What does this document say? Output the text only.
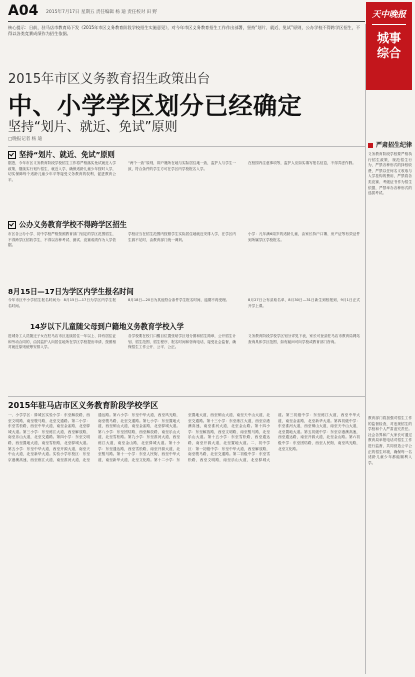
A04 2015年7月17日 星期五 责任编辑 杨 迪 责任校对 田 野	天中晚报
城事
综合
核心提示：日前，驻马店市教育局下发《2015年市区义务教育阶段学校招生实施意见》，对今年市区义务教育招生工作作出部署，坚持“划片、就近、免试”原则，公办学校不得跨学区招生，不得以各类竞赛成绩作为招生依据。
2015年市区义务教育招生政策出台
中、小学学区划分已经确定
坚持“划片、就近、免试”原则
□晚报记者 杨 迪
坚持“划片、就近、免试”原则
据悉，今年市区义务教育阶段学校招生工作将严格落实免试就近入学政策，继续实行划片招生、就近入学，确保适龄儿童少年按时入学，切实保障每个适龄儿童少年平等接受义务教育的权利，促进教育公平。
“两个一致”原则，即户籍所在地与实际居住地一致，监护人与学生一致，符合条件的学生方可在学区内学校报名入学。
在校园内注意事项等，监护人应如实填写报名信息，不得弄虚作假。
公办义务教育学校不得跨学区招生
市区各公办小学、初中学校严格按照教育部门划定的学区范围招生，不得跨学区招收学生，不得以各种考试、测试、竞赛成绩作为入学依据。
学校应当在招生范围内按照学生实际居住地就近安排入学，在学区内生源不足时，由教育部门统一调剂。
小学：凡年满6周岁的适龄儿童，由家长持户口簿、房产证等有效证件到所属学区学校报名。
8月15日—17日为学区内学生报名时间
今年市区中小学招生报名时间为：8月15日—17日为学区内学生报名时间。
8月18日—20日为其他符合条件学生报名时间，逾期不再受理。	8月27日公布录取名单，8月30日—31日新生到校报到，9月1日正式开学上课。
14岁以下儿童随父母到户籍地义务教育学校入学
进城务工人员随迁子女在驻马店市区连续居住一年以上、持有居住证和劳动合同的，由其监护人向居住地所在学区学校提出申请，按照相对就近原则统筹安排入学。
各学校要在校门口醒目位置张贴学区划分图和招生简章，公开招生计划、招生范围、招生程序、报名时间和咨询电话，接受社会监督，确保招生工作公开、公平、公正。
义务教育阶段学校学区划分详见下表，家长可登录驻马店市教育局网站查询具体学区范围，如有疑问可向学校或教育部门咨询。
2015年驻马店市区义务教育阶段学校学区
一、小学学区：驿城区实验小学：东至解放路，西至文明路，南至骏马路，北至交通路。第二小学：东至雪松路，西至中华大道，南至金雀路，北至驿城大道。第三小学：东至练江大道，西至解放路，南至乐山大道，北至交通路。第四小学：东至文明路，西至置地大道，南至雪松路，北至驿城大道。第五小学：东至中华大道，西至开源大道，南至天中山大道，北至新华大道。实验小学东校区：东至京港澳高速，西至练江大道，南至淮河大道，北至通达路。第六小学：东至中华大道，西至风光路，南至骏马路，北至交通路。第七小学：东至置地大道，西至铜山大道，南至金雀路，北至驿城大道。第八小学：东至团结路，西至解放路，南至乐山大道，北至雪松路。第九小学：东至淮河大道，西至练江大道，南至金山路，北至驿城大道。第十小学：东至通达路，西至雪松路，南至开源大道，北至骏马路。第十一小学：东至人民街，西至中华大道，南至新华大道，北至文化路。第十二小学：东至置地大道，西至铜山大道，南至天中山大道，北至交通路。第十三小学：东至练江大道，西至京港澳高速，南至淮河大道，北至金山路。第十四小学：东至解放路，西至文明路，南至骏马路，北至乐山大道。第十五小学：东至雪松路，西至通达路，南至开源大道，北至置地大道。二、初中学区：第一初级中学：东至中华大道，西至解放路，南至骏马路，北至交通路。第二初级中学：东至雪松路，西至文明路，南至乐山大道，北至驿城大道。第三初级中学：东至练江大道，西至中华大道，南至金雀路，北至新华大道。第四初级中学：东至淮河大道，西至铜山大道，南至天中山大道，北至置地大道。第五初级中学：东至京港澳高速，西至通达路，南至开源大道，北至金山路。第六初级中学：东至团结路，西至人民街，南至风光路，北至文化路。
严肃招生纪律
义务教育阶段学校要严格执行招生政策，规范招生行为，严禁各种形式的择校收费，严禁以任何名义收取与入学挂钩的费用，严禁将各类竞赛、考级证书作为招生依据，严禁举办各种形式的选拔考试。
教育部门将加强对招生工作的监督检查，对违规招生的学校和个人严肃追究责任。社会各界和广大家长可通过教育局举报电话对招生工作进行监督，共同营造公平公正的招生环境，确保每一名适龄儿童少年都能顺利入学。
